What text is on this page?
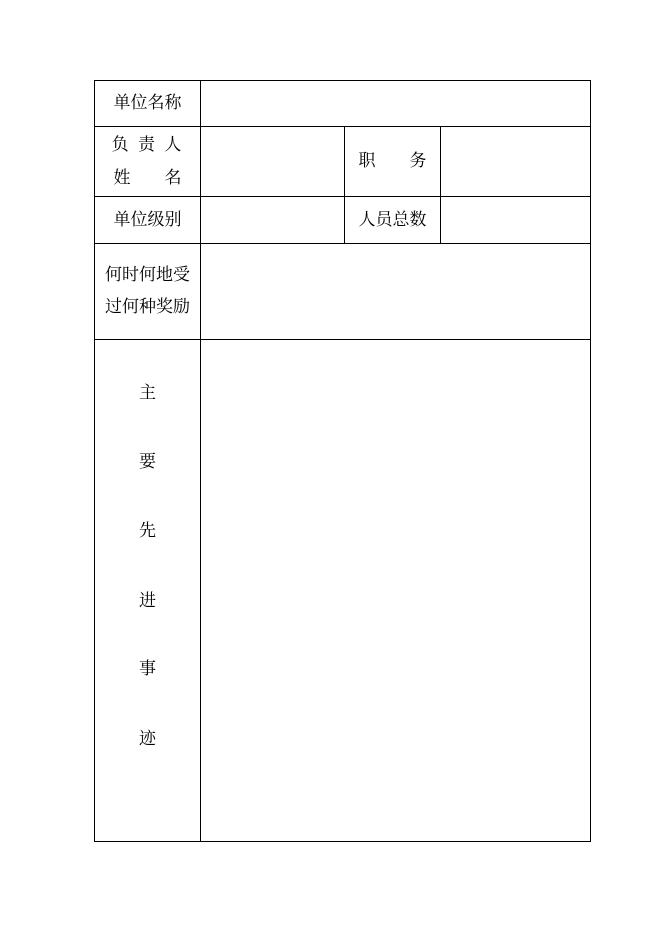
单位名称
负 责 人
姓　　名
职　　务
单位级别	人员总数
何时何地受
过何种奖励
主
要
先
进
事
迹
